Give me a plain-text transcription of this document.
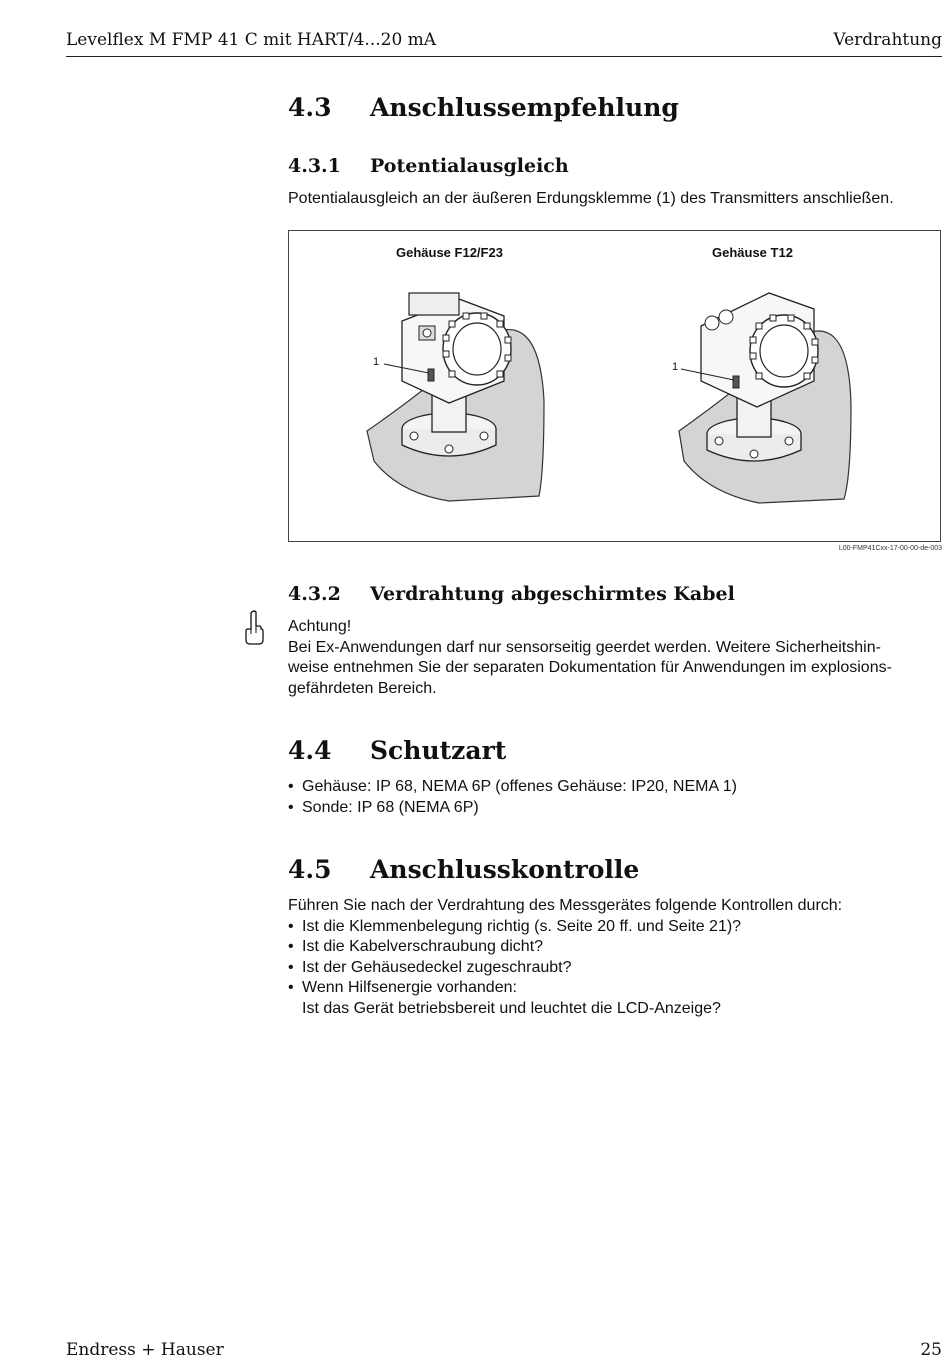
Levelflex M FMP 41 C mit HART/4...20 mA	Verdrahtung
4.3 Anschlussempfehlung
4.3.1 Potentialausgleich
Potentialausgleich an der äußeren Erdungsklemme (1) des Transmitters anschließen.
Gehäuse F12/F23	Gehäuse T12
1	1
L00-FMP41Cxx-17-00-00-de-003
4.3.2 Verdrahtung abgeschirmtes Kabel
Achtung!
Bei Ex-Anwendungen darf nur sensorseitig geerdet werden. Weitere Sicherheitshin-
weise entnehmen Sie der separaten Dokumentation für Anwendungen im explosions-
gefährdeten Bereich.
4.4 Schutzart
• Gehäuse: IP 68, NEMA 6P (offenes Gehäuse: IP20, NEMA 1)
• Sonde: IP 68 (NEMA 6P)
4.5 Anschlusskontrolle
Führen Sie nach der Verdrahtung des Messgerätes folgende Kontrollen durch:
• Ist die Klemmenbelegung richtig (s. Seite 20 ff. und Seite 21)?
• Ist die Kabelverschraubung dicht?
• Ist der Gehäusedeckel zugeschraubt?
• Wenn Hilfsenergie vorhanden:
Ist das Gerät betriebsbereit und leuchtet die LCD-Anzeige?
Endress + Hauser	25
